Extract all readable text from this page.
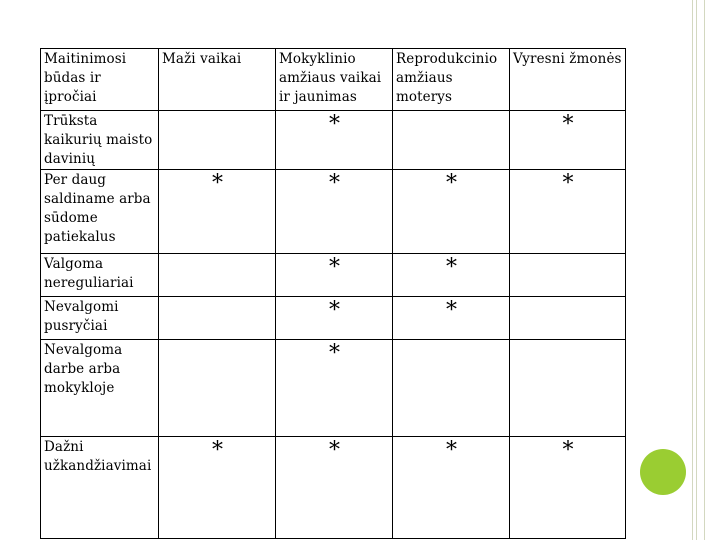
Maitinimosi būdas ir įpročiai	Maži vaikai	Mokyklinio amžiaus vaikai ir jaunimas	Reprodukcinio amžiaus moterys	Vyresni žmonės
Trūksta kaikurių maisto davinių		*		*
Per daug saldiname arba sūdome patiekalus	*	*	*	*
Valgoma nereguliariai		*	*	
Nevalgomi pusryčiai		*	*	
Nevalgoma darbe arba mokykloje		*		
Dažni užkandžiavimai	*	*	*	*
